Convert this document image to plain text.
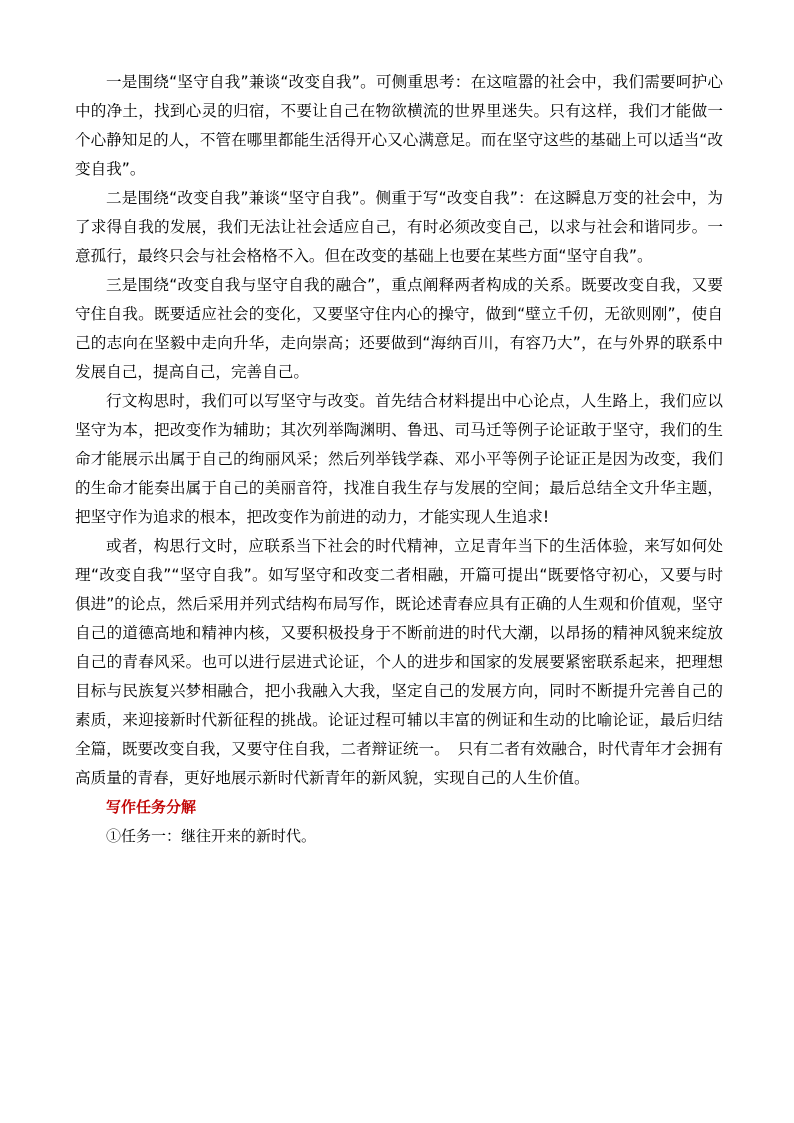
一是围绕“坚守自我”兼谈“改变自我”。可侧重思考：在这喧嚣的社会中，我们需要呵护心中的净土，找到心灵的归宿，不要让自己在物欲横流的世界里迷失。只有这样，我们才能做一个心静知足的人，不管在哪里都能生活得开心又心满意足。而在坚守这些的基础上可以适当“改变自我”。

二是围绕“改变自我”兼谈“坚守自我”。侧重于写“改变自我”：在这瞬息万变的社会中，为了求得自我的发展，我们无法让社会适应自己，有时必须改变自己，以求与社会和谐同步。一意孤行，最终只会与社会格格不入。但在改变的基础上也要在某些方面“坚守自我”。

三是围绕“改变自我与坚守自我的融合”，重点阐释两者构成的关系。既要改变自我，又要守住自我。既要适应社会的变化，又要坚守住内心的操守，做到“壁立千仞，无欲则刚”，使自己的志向在坚毅中走向升华，走向崇高；还要做到“海纳百川，有容乃大”，在与外界的联系中发展自己，提高自己，完善自己。

行文构思时，我们可以写坚守与改变。首先结合材料提出中心论点，人生路上，我们应以坚守为本，把改变作为辅助；其次列举陶渊明、鲁迅、司马迁等例子论证敢于坚守，我们的生命才能展示出属于自己的绚丽风采；然后列举钱学森、邓小平等例子论证正是因为改变，我们的生命才能奏出属于自己的美丽音符，找准自我生存与发展的空间；最后总结全文升华主题，把坚守作为追求的根本，把改变作为前进的动力，才能实现人生追求!

或者，构思行文时，应联系当下社会的时代精神，立足青年当下的生活体验，来写如何处理“改变自我”“坚守自我”。如写坚守和改变二者相融，开篇可提出“既要恪守初心，又要与时俱进”的论点，然后采用并列式结构布局写作，既论述青春应具有正确的人生观和价值观，坚守自己的道德高地和精神内核，又要积极投身于不断前进的时代大潮，以昂扬的精神风貌来绽放自己的青春风采。也可以进行层进式论证，个人的进步和国家的发展要紧密联系起来，把理想目标与民族复兴梦相融合，把小我融入大我，坚定自己的发展方向，同时不断提升完善自己的素质，来迎接新时代新征程的挑战。论证过程可辅以丰富的例证和生动的比喻论证，最后归结全篇，既要改变自我，又要守住自我，二者辩证统一。　只有二者有效融合，时代青年才会拥有高质量的青春，更好地展示新时代新青年的新风貌，实现自己的人生价值。

写作任务分解

①任务一：继往开来的新时代。
